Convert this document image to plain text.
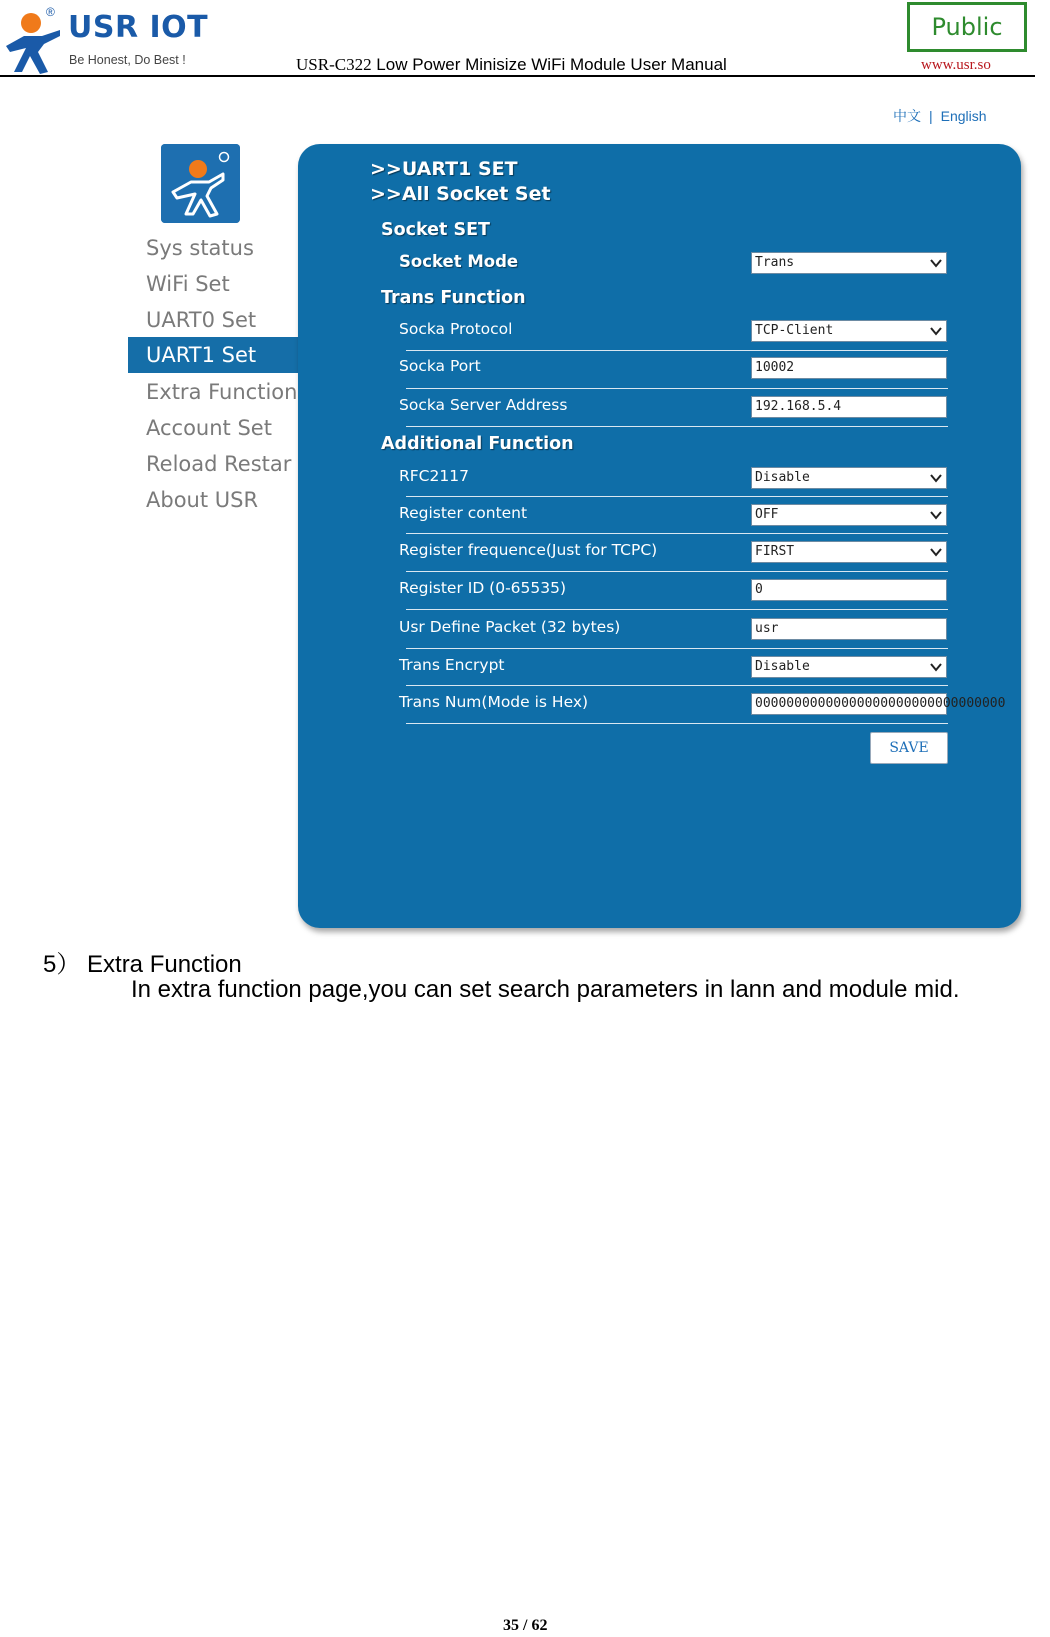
® USR IOT
Be Honest, Do Best !	USR-C322 Low Power Minisize WiFi Module User Manual
Public
www.usr.so
中文 | English
Sys status
WiFi Set
UART0 Set
UART1 Set
Extra Function
Account Set
Reload Restar
About USR
>>UART1 SET
>>All Socket Set
Socket SET
Socket Mode	Trans
Trans Function
Socka Protocol	TCP-Client
Socka Port	10002
Socka Server Address	192.168.5.4
Additional Function
RFC2117	Disable
Register content	OFF
Register frequence(Just for TCPC)	FIRST
Register ID (0-65535)	0
Usr Define Packet (32 bytes)	usr
Trans Encrypt	Disable
Trans Num(Mode is Hex)	00000000000000000000000000000000
SAVE
5） Extra Function
In extra function page,you can set search parameters in lann and module mid.
35 / 62
